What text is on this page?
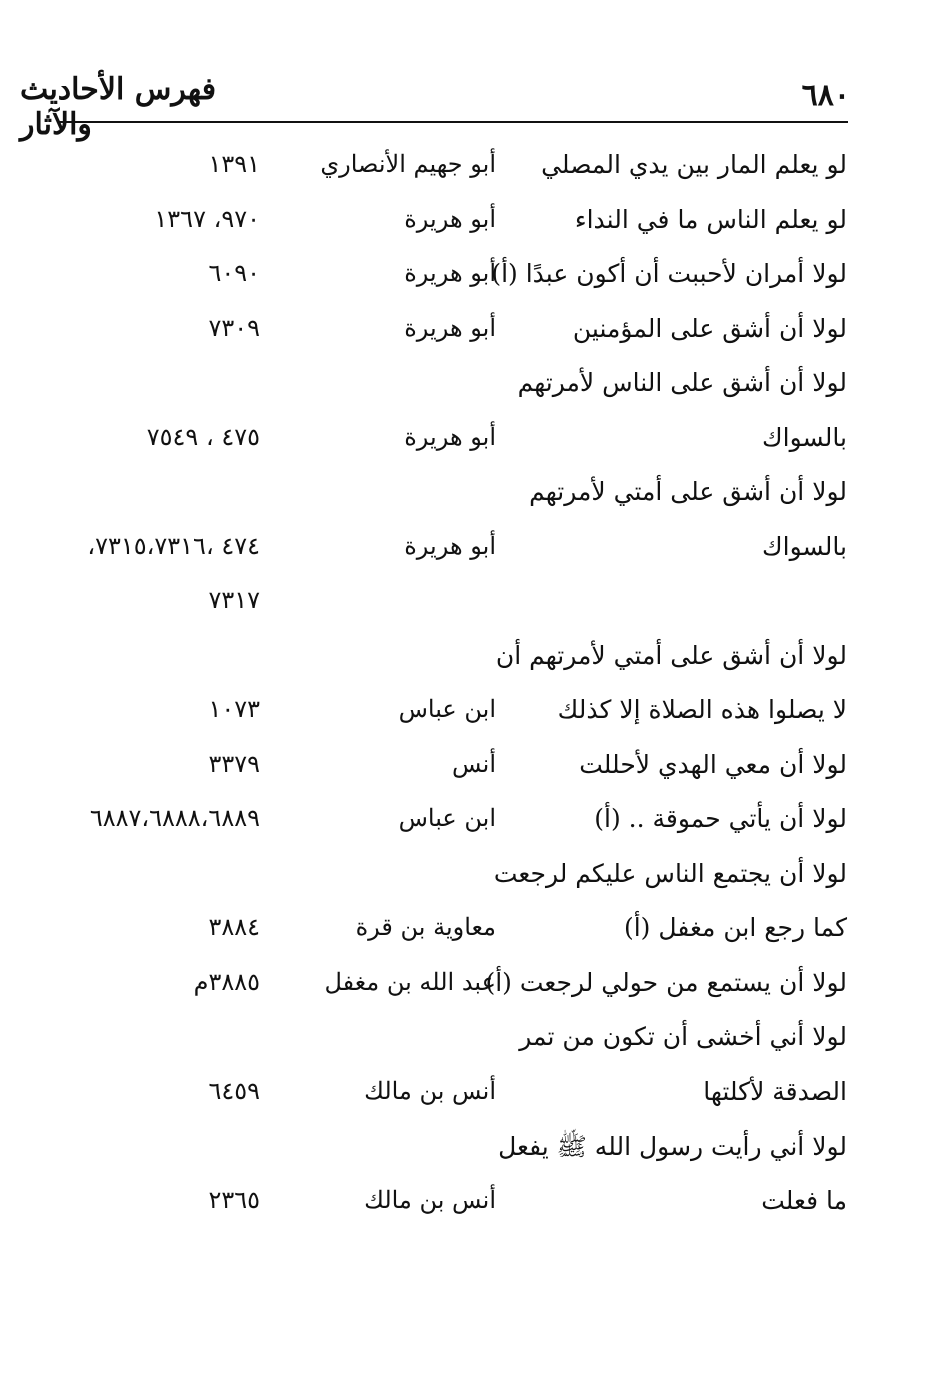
٦٨٠
فهرس الأحاديث والآثار
لو يعلم المار بين يدي المصلي
أبو جهيم الأنصاري
١٣٩١
لو يعلم الناس ما في النداء
أبو هريرة
٩٧٠، ١٣٦٧
لولا أمران لأحببت أن أكون عبدًا (أ)
أبو هريرة
٦٠٩٠
لولا أن أشق على المؤمنين
أبو هريرة
٧٣٠٩
لولا أن أشق على الناس لأمرتهم
بالسواك
أبو هريرة
٤٧٥ ، ٧٥٤٩
لولا أن أشق على أمتي لأمرتهم
بالسواك
أبو هريرة
٤٧٤ ،٧٣١٥،٧٣١٦،
٧٣١٧
لولا أن أشق على أمتي لأمرتهم أن
لا يصلوا هذه الصلاة إلا كذلك
ابن عباس
١٠٧٣
لولا أن معي الهدي لأحللت
أنس
٣٣٧٩
لولا أن يأتي حموقة .. (أ)
ابن عباس
٦٨٨٧،٦٨٨٨،٦٨٨٩
لولا أن يجتمع الناس عليكم لرجعت
كما رجع ابن مغفل (أ)
معاوية بن قرة
٣٨٨٤
لولا أن يستمع من حولي لرجعت (أ)
عبد الله بن مغفل
٣٨٨٥م
لولا أني أخشى أن تكون من تمر
الصدقة لأكلتها
أنس بن مالك
٦٤٥٩
لولا أني رأيت رسول الله ﷺ يفعل
ما فعلت
أنس بن مالك
٢٣٦٥
